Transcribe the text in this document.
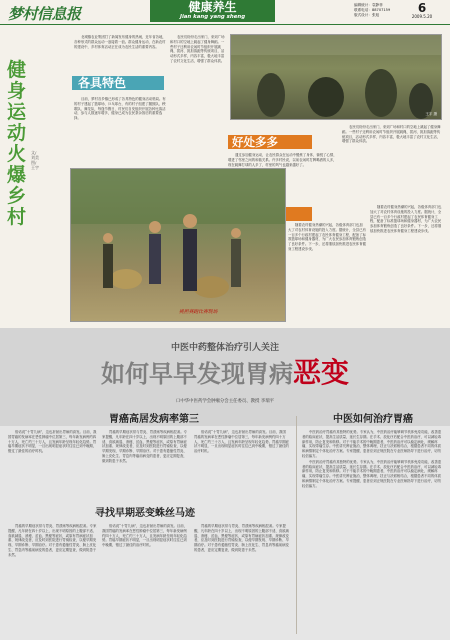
梦村信息报	健康养生
Jian kang yang sheng
编辑统计：袁静菲
联系电话：88707159
版式设计：张旭	6
2009.5.20
健身运动火爆乡村
文/刘美 图/王宇

北城镇农业集团打了新闻发布健身的热闹，近年省各地，各种形式的群众运动一浪接着一浪。群众健身运动，在新农村的建设中，乡村体育活动正在成为农民生活的重要内容。

各具特色

目前，梦村各乡镇已形成了各具特色的健身活动格局。有的村子建起了篮球场、乒乓球台，有的村子组建了腰鼓队、秧歌队、舞龙队，每逢节假日，村民们自发组织开展各种比赛活动，参与人数逐年增多，健身已成为农民茶余饭后的重要选择。

农民们纷纷走出家门，来到广场和村口的空地上跳起了健身舞蹈。一些村子还利用农闲时节组织开展跳绳、拔河、挑担赛跑等传统项目，活动形式多样，内容丰富，极大地丰富了农村文化生活，增强了群众体质。

王宇 摄
好处多多

通过参加健身运动，让农民群众在运动中锻炼了身体，愉悦了心情，增进了邻里之间的和谐关系。许多村民说，以前农闲时打牌喝酒的人多，现在跳舞打球的人多了，村里的风气也越来越好了。

农民们纷纷走出家门，来到广场和村口的空地上跳起了健身舞蹈。一些村子还利用农闲时节组织开展跳绳、拔河、挑担赛跑等传统项目，活动形式多样，内容丰富，极大地丰富了农村文化生活，增强了群众体质。

随着农村健身热潮的兴起，各级体育部门也加大了对农村体育设施的投入力度。据统计，全县已有一百多个行政村建起了农民体育健身工程，配备了标准篮球场和健身器材，为广大农民参加体育锻炼创造了良好条件。下一步，还将继续加快推进农民体育健身工程建设步伐。

随着农村健身热潮的兴起，各级体育部门也加大了对农村体育设施的投入力度。据统计，全县已有一百多个行政村建起了农民体育健身工程，配备了标准篮球场和健身器材，为广大农民参加体育锻炼创造了良好条件。下一步，还将继续加快推进农民体育健身工程建设步伐。

挑担赛跑比赛现场
中医中药整体治疗引人关注
如何早早发现胃病恶变
口中华中医药学会肿瘤分会主任委员、教授 李瑞平
胃癌高居发病率第三

俗话说“十胃九病”，这也折射出胃病的高发。目前，我国胃癌的发病率在恶性肿瘤中位居第三，每年新发病例约四十万人，死亡约三十万人，且发病年龄呈现年轻化趋势。胃癌早期症状不明显，一旦出现明显症状时往往已到中晚期，错过了最佳的治疗时机。

胃癌的早期症状常与胃炎、胃溃疡等疾病相混淆。专家提醒，凡年龄在四十岁以上，出现不明原因的上腹部不适、食欲减退、消瘦、贫血、黑便等症状，或原有胃病症状加重、规律改变者，应及时到医院进行胃镜检查，以便早期发现、早期诊断、早期治疗。对于患有萎缩性胃炎、肠上皮化生、胃息肉等癌前病变的患者，更应定期复查，做到防患于未然。

俗话说“十胃九病”，这也折射出胃病的高发。目前，我国胃癌的发病率在恶性肿瘤中位居第三，每年新发病例约四十万人，死亡约三十万人，且发病年龄呈现年轻化趋势。胃癌早期症状不明显，一旦出现明显症状时往往已到中晚期，错过了最佳的治疗时机。

寻找早期恶变蛛丝马迹

胃癌的早期症状常与胃炎、胃溃疡等疾病相混淆。专家提醒，凡年龄在四十岁以上，出现不明原因的上腹部不适、食欲减退、消瘦、贫血、黑便等症状，或原有胃病症状加重、规律改变者，应及时到医院进行胃镜检查，以便早期发现、早期诊断、早期治疗。对于患有萎缩性胃炎、肠上皮化生、胃息肉等癌前病变的患者，更应定期复查，做到防患于未然。

俗话说“十胃九病”，这也折射出胃病的高发。目前，我国胃癌的发病率在恶性肿瘤中位居第三，每年新发病例约四十万人，死亡约三十万人，且发病年龄呈现年轻化趋势。胃癌早期症状不明显，一旦出现明显症状时往往已到中晚期，错过了最佳的治疗时机。

胃癌的早期症状常与胃炎、胃溃疡等疾病相混淆。专家提醒，凡年龄在四十岁以上，出现不明原因的上腹部不适、食欲减退、消瘦、贫血、黑便等症状，或原有胃病症状加重、规律改变者，应及时到医院进行胃镜检查，以便早期发现、早期诊断、早期治疗。对于患有萎缩性胃炎、肠上皮化生、胃息肉等癌前病变的患者，更应定期复查，做到防患于未然。

中医如何治疗胃癌

中医药治疗胃癌有其独特的优势。专家认为，中医药治疗能够调节机体免疫功能，改善患者的临床症状，提高生活质量，延长生存期。在手术、放化疗后配合中医药治疗，可以减轻毒副作用，防止复发和转移。对于不能手术的中晚期患者，中医药治疗可以稳定病灶，缓解疼痛，实现带瘤生存。中医讲究辨证施治，整体调理，扶正与祛邪相结合，根据患者不同的体质和病情制定个体化治疗方案。专家提醒，患者应到正规医院在专业医师指导下进行治疗，切勿轻信偏方。

中医药治疗胃癌有其独特的优势。专家认为，中医药治疗能够调节机体免疫功能，改善患者的临床症状，提高生活质量，延长生存期。在手术、放化疗后配合中医药治疗，可以减轻毒副作用，防止复发和转移。对于不能手术的中晚期患者，中医药治疗可以稳定病灶，缓解疼痛，实现带瘤生存。中医讲究辨证施治，整体调理，扶正与祛邪相结合，根据患者不同的体质和病情制定个体化治疗方案。专家提醒，患者应到正规医院在专业医师指导下进行治疗，切勿轻信偏方。
